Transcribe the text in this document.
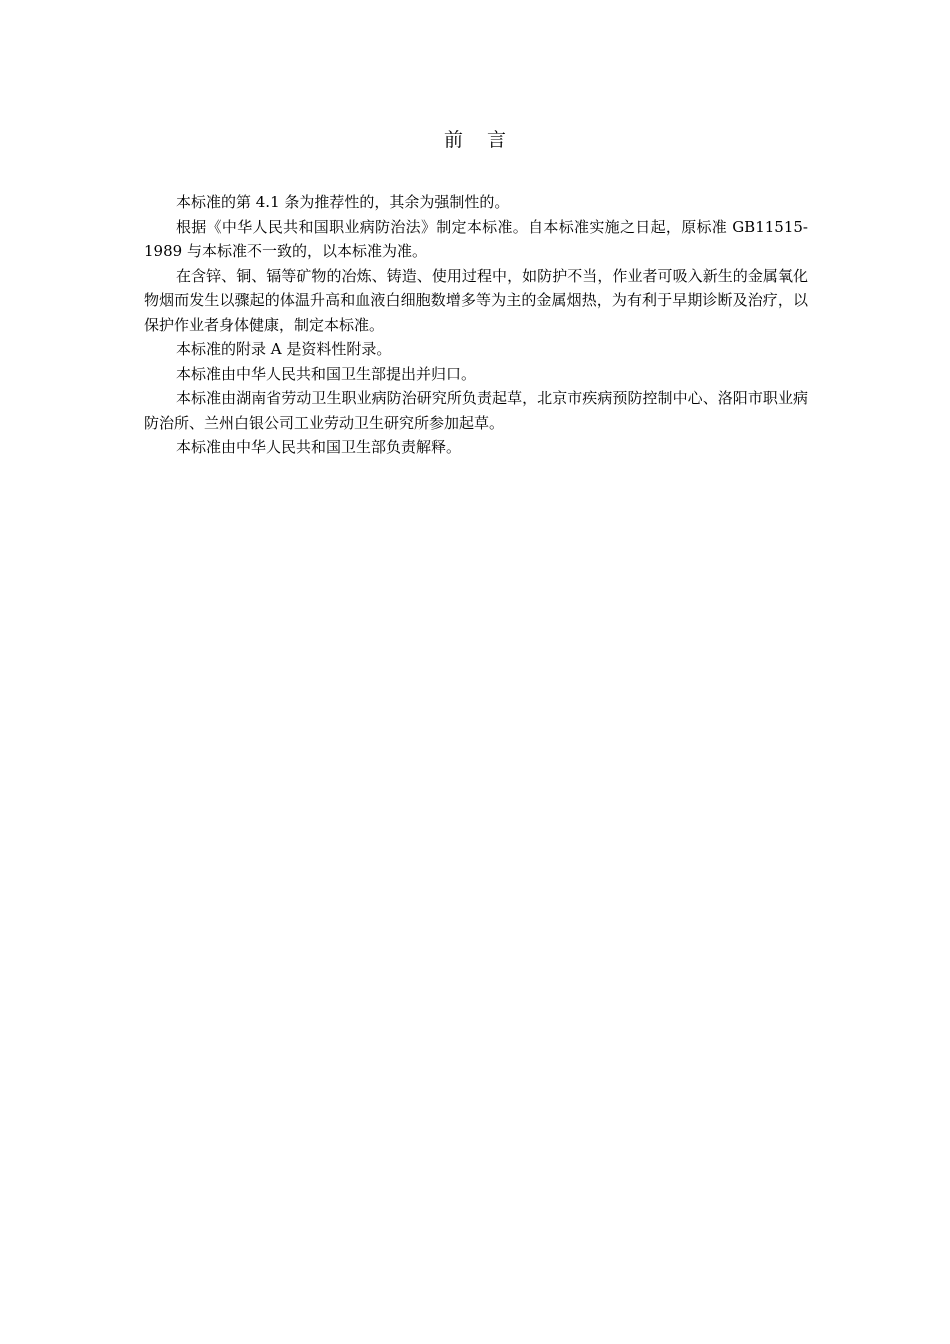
前言

本标准的第 4.1 条为推荐性的，其余为强制性的。

根据《中华人民共和国职业病防治法》制定本标准。自本标准实施之日起，原标准 GB11515-1989 与本标准不一致的，以本标准为准。

在含锌、铜、镉等矿物的冶炼、铸造、使用过程中，如防护不当，作业者可吸入新生的金属氧化物烟而发生以骤起的体温升高和血液白细胞数增多等为主的金属烟热，为有利于早期诊断及治疗，以保护作业者身体健康，制定本标准。

本标准的附录 A 是资料性附录。

本标准由中华人民共和国卫生部提出并归口。

本标准由湖南省劳动卫生职业病防治研究所负责起草，北京市疾病预防控制中心、洛阳市职业病防治所、兰州白银公司工业劳动卫生研究所参加起草。

本标准由中华人民共和国卫生部负责解释。
